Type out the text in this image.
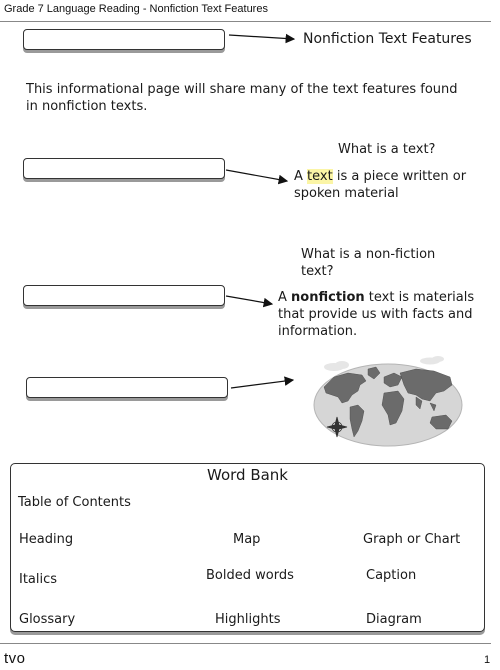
Grade 7 Language Reading - Nonfiction Text Features
Nonfiction Text Features
This informational page will share many of the text features found in nonfiction texts.
What is a text?
A text is a piece written or spoken material
What is a non-fiction text?
A nonfiction text is materials that provide us with facts and information.
Word Bank
Table of Contents
Heading	Map	Graph or Chart
Italics	Bolded words	Caption
Glossary	Highlights	Diagram
tvo	1
